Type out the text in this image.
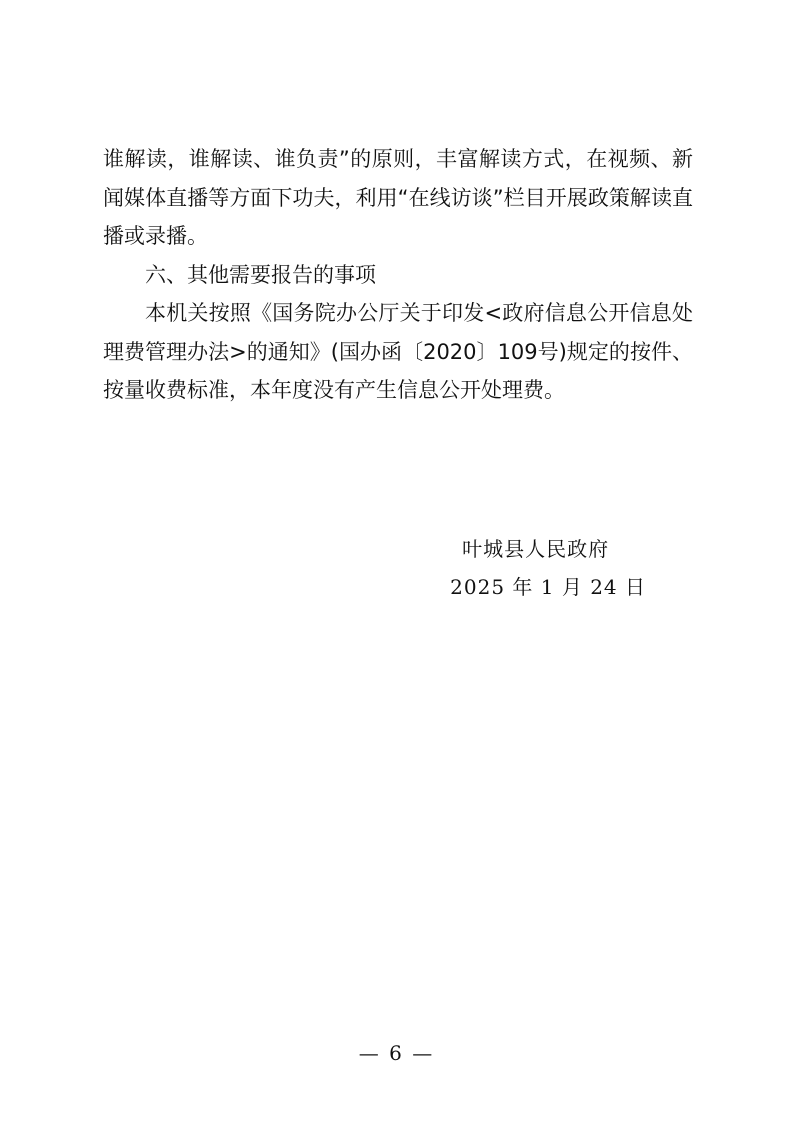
谁解读，谁解读、谁负责”的原则，丰富解读方式，在视频、新闻媒体直播等方面下功夫，利用“在线访谈”栏目开展政策解读直播或录播。

六、其他需要报告的事项

本机关按照《国务院办公厅关于印发<政府信息公开信息处理费管理办法>的通知》(国办函〔2020〕109号)规定的按件、按量收费标准，本年度没有产生信息公开处理费。

叶城县人民政府
2025 年 1 月 24 日
— 6 —
